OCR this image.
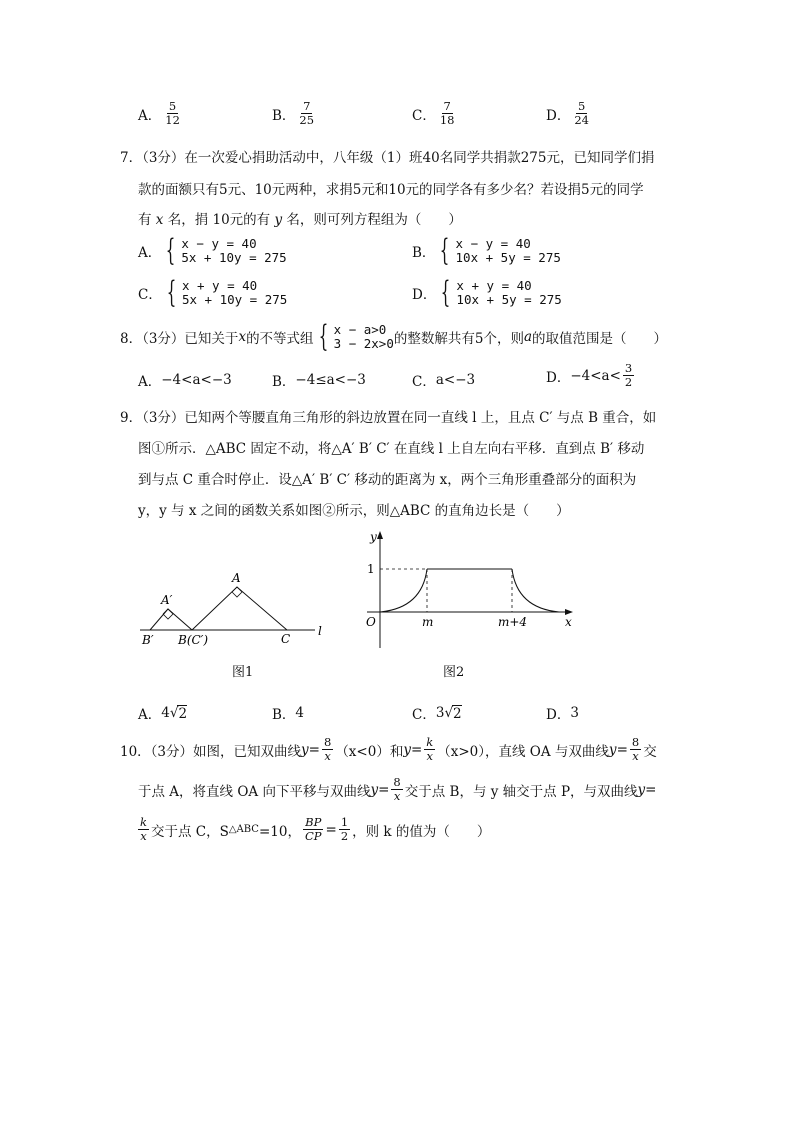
A． $\frac{5}{12}$	B． $\frac{7}{25}$	C． $\frac{7}{18}$	D． $\frac{5}{24}$
7．（3分）在一次爱心捐助活动中，八年级（1）班40名同学共捐款275元，已知同学们捐
款的面额只有5元、10元两种，求捐5元和10元的同学各有多少名？若设捐5元的同学
有 x 名，捐 10元的有 y 名，则可列方程组为（　　）
A． { x − y = 40
5x + 10y = 275	B． { x − y = 40
10x + 5y = 275
C． { x + y = 40
5x + 10y = 275	D． { x + y = 40
10x + 5y = 275
8．（3分）已知关于 x 的不等式组 { x − a>0
3 − 2x>0 的整数解共有5个，则 a 的取值范围是（　　）
A． −4<a<−3	B． −4≤a<−3	C． a<−3	D． $-4<a< \frac{3}{2}$
9．（3分）已知两个等腰直角三角形的斜边放置在同一直线 l 上，且点 C′ 与点 B 重合，如
图①所示．△ABC 固定不动，将△A′ B′ C′ 在直线 l 上自左向右平移．直到点 B′ 移动
到与点 C 重合时停止．设△A′ B′ C′ 移动的距离为 x，两个三角形重叠部分的面积为
y，y 与 x 之间的函数关系如图②所示，则△ABC 的直角边长是（　　）
A
A′
B′ B(C′)	C
l
图1
y
1
O	m	m+4	x
图2
A． 4 √ 2	B． 4	C． 3 √ 2	D． 3
10．（3分）如图，已知双曲线 $y = \frac{8}{x} (x<0)$和 $y = \frac{k}{x} (x>0)$，直线 OA 与双曲线 $y = \frac{8}{x}$ 交
于点 A，将直线 OA 向下平移与双曲线 $y = \frac{8}{x}$ 交于点 B，与 y 轴交于点 P，与双曲线 y =
$\frac{k}{x}$ 交于点 C，S △ABC =10， $\frac{BP}{CP} = \frac{1}{2}$ ，则 k 的值为（　　）
